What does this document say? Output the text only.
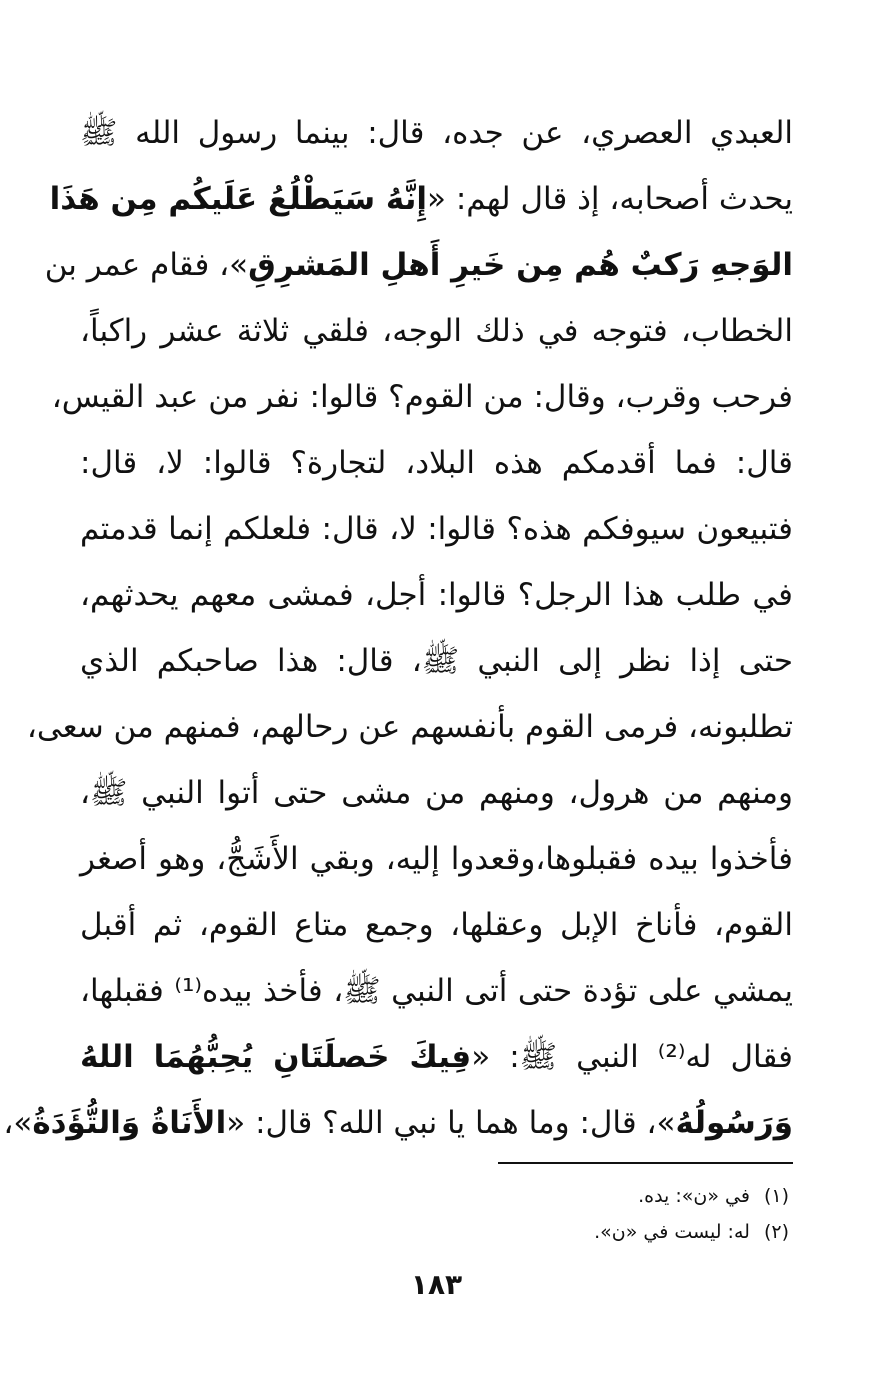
العبدي العصري، عن جده، قال: بينما رسول الله ﷺ
يحدث أصحابه، إذ قال لهم: «إِنَّهُ سَيَطْلُعُ عَلَيكُم مِن هَذَا
الوَجهِ رَكبٌ هُم مِن خَيرِ أَهلِ المَشرِقِ»، فقام عمر بن
الخطاب، فتوجه في ذلك الوجه، فلقي ثلاثة عشر راكباً،
فرحب وقرب، وقال: من القوم؟ قالوا: نفر من عبد القيس،
قال: فما أقدمكم هذه البلاد، لتجارة؟ قالوا: لا، قال:
فتبيعون سيوفكم هذه؟ قالوا: لا، قال: فلعلكم إنما قدمتم
في طلب هذا الرجل؟ قالوا: أجل، فمشى معهم يحدثهم،
حتى إذا نظر إلى النبي ﷺ، قال: هذا صاحبكم الذي
تطلبونه، فرمى القوم بأنفسهم عن رحالهم، فمنهم من سعى،
ومنهم من هرول، ومنهم من مشى حتى أتوا النبي ﷺ،
فأخذوا بيده فقبلوها،وقعدوا إليه، وبقي الأَشَجُّ، وهو أصغر
القوم، فأناخ الإبل وعقلها، وجمع متاع القوم، ثم أقبل
يمشي على تؤدة حتى أتى النبي ﷺ، فأخذ بيده⁽¹⁾ فقبلها،
فقال له⁽²⁾ النبي ﷺ: «فِيكَ خَصلَتَانِ يُحِبُّهُمَا اللهُ
وَرَسُولُهُ»، قال: وما هما يا نبي الله؟ قال: «الأَنَاةُ وَالتُّؤَدَةُ»،
(١)في «ن»: يده.
(٢)له: ليست في «ن».
١٨٣
